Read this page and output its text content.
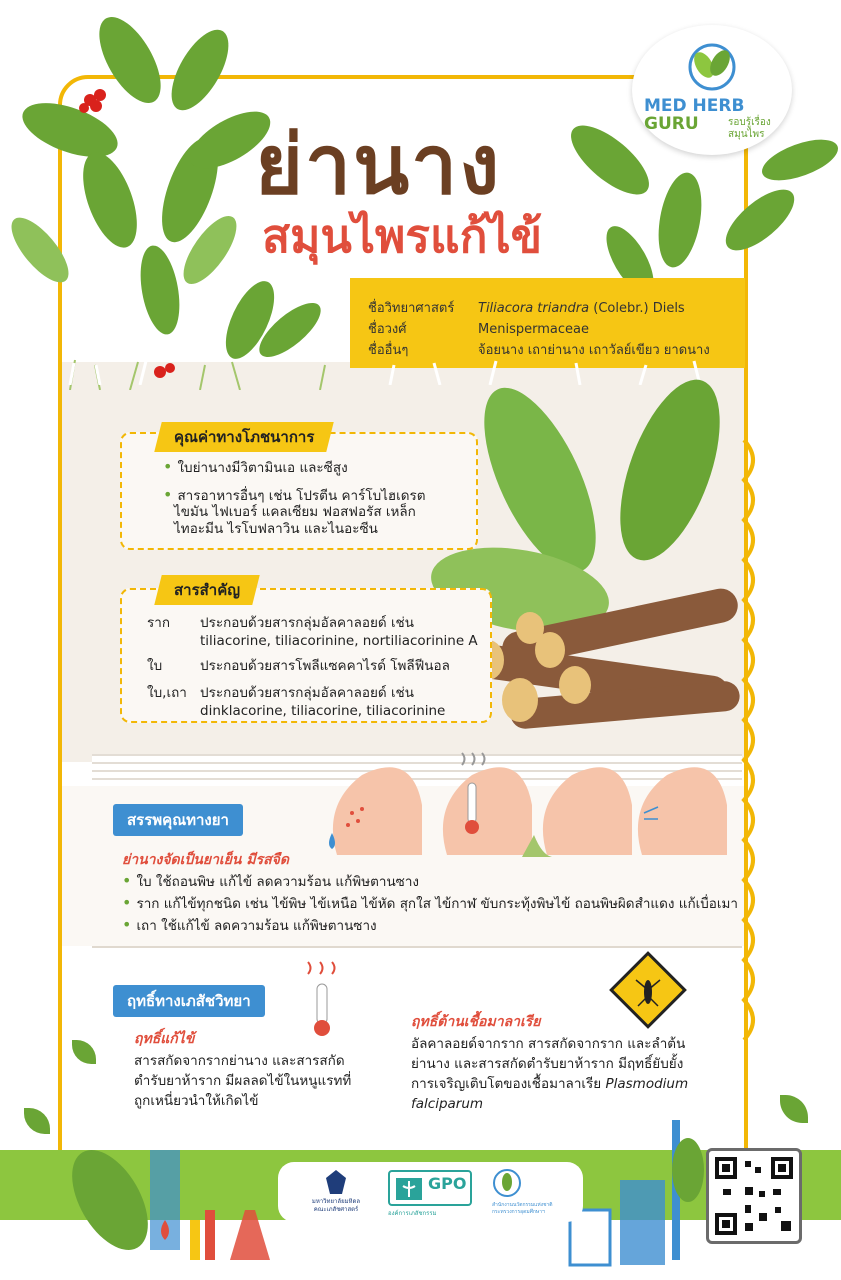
MED HERB
GURU	รอบรู้เรื่อง
สมุนไพร
ย่านาง
สมุนไพรแก้ไข้
ชื่อวิทยาศาสตร์ Tiliacora triandra (Colebr.) Diels
ชื่อวงศ์	Menispermaceae
ชื่ออื่นๆ	จ้อยนาง เถาย่านาง เถาวัลย์เขียว ยาดนาง
คุณค่าทางโภชนาการ
• ใบย่านางมีวิตามินเอ และซีสูง
• สารอาหารอื่นๆ เช่น โปรตีน คาร์โบไฮเดรต
ไขมัน ไฟเบอร์ แคลเซียม ฟอสฟอรัส เหล็ก
ไทอะมีน ไรโบฟลาวิน และไนอะซีน
สารสำคัญ
ราก ประกอบด้วยสารกลุ่มอัลคาลอยด์ เช่น
tiliacorine, tiliacorinine, nortiliacorinine A
ใบ	ประกอบด้วยสารโพลีแซคคาไรด์ โพลีฟีนอล
ใบ,เถา ประกอบด้วยสารกลุ่มอัลคาลอยด์ เช่น
dinklacorine, tiliacorine, tiliacorinine
สรรพคุณทางยา
ย่านางจัดเป็นยาเย็น มีรสจืด
• ใบ ใช้ถอนพิษ แก้ไข้ ลดความร้อน แก้พิษตานซาง
• ราก แก้ไข้ทุกชนิด เช่น ไข้พิษ ไข้เหนือ ไข้หัด สุกใส ไข้กาฬ ขับกระทุ้งพิษไข้ ถอนพิษผิดสำแดง แก้เบื่อเมา
• เถา ใช้แก้ไข้ ลดความร้อน แก้พิษตานซาง
ฤทธิ์ทางเภสัชวิทยา
ฤทธิ์แก้ไข้
สารสกัดจากรากย่านาง และสารสกัด
ตำรับยาห้าราก มีผลลดไข้ในหนูแรทที่
ถูกเหนี่ยวนำให้เกิดไข้
ฤทธิ์ต้านเชื้อมาลาเรีย
อัลคาลอยด์จากราก สารสกัดจากราก และลำต้น
ย่านาง และสารสกัดตำรับยาห้าราก มีฤทธิ์ยับยั้ง
การเจริญเติบโตของเชื้อมาลาเรีย Plasmodium
falciparum
มหาวิทยาลัยมหิดล
คณะเภสัชศาสตร์
GPO
องค์การเภสัชกรรม
สำนักงานนวัตกรรมแห่งชาติ
กระทรวงการอุดมศึกษาฯ
